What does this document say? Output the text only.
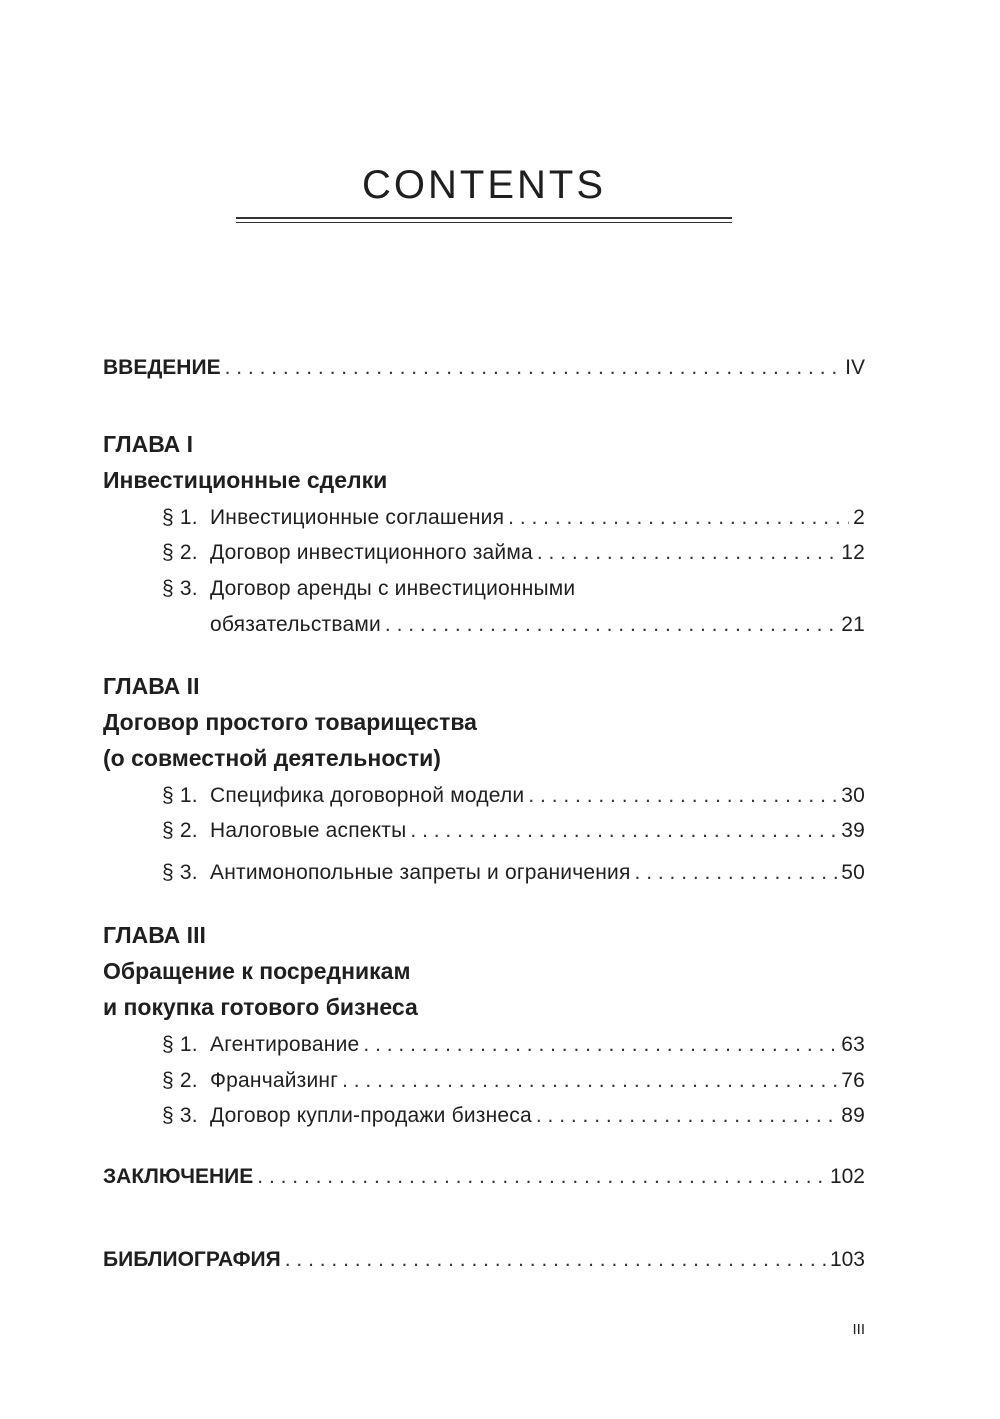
CONTENTS
ВВЕДЕНИЕ . . .	IV
ГЛАВА I
Инвестиционные сделки
§ 1. Инвестиционные соглашения . . .	2
§ 2. Договор инвестиционного займа . . .	12
§ 3. Договор аренды с инвестиционными
обязательствами . . .	21
ГЛАВА II
Договор простого товарищества
(о совместной деятельности)
§ 1. Специфика договорной модели . . .	30
§ 2. Налоговые аспекты . . .	39
§ 3. Антимонопольные запреты и ограничения . . .	50
ГЛАВА III
Обращение к посредникам
и покупка готового бизнеса
§ 1. Агентирование . . .	63
§ 2. Франчайзинг . . .	76
§ 3. Договор купли-продажи бизнеса . . .	89
ЗАКЛЮЧЕНИЕ . . .	102
БИБЛИОГРАФИЯ . . .	103
III
